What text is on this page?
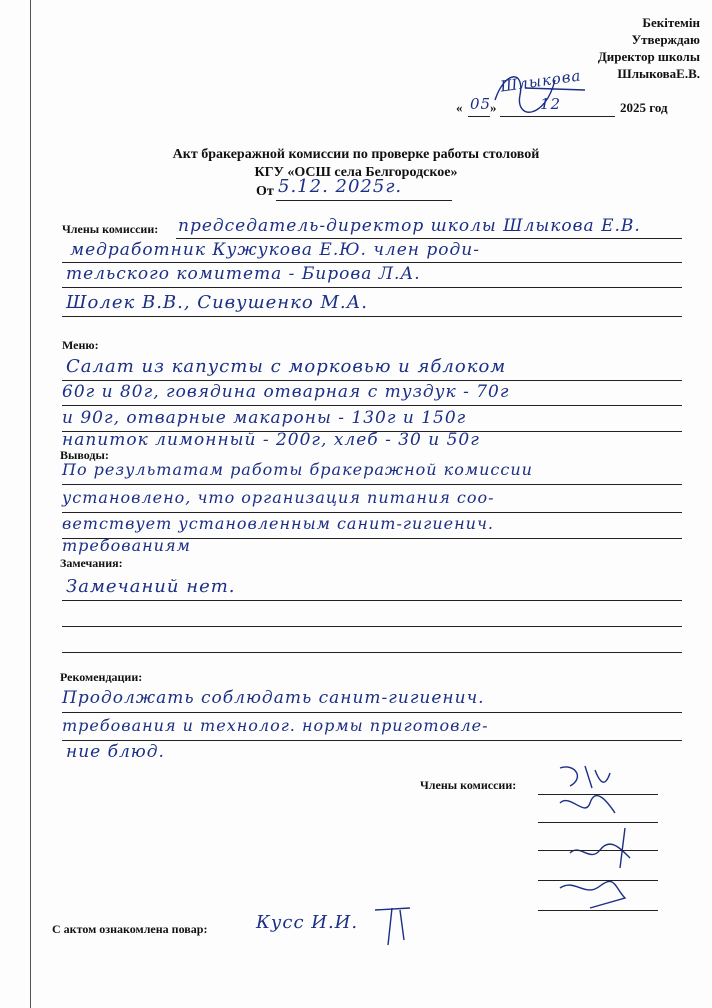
Бекітемін
Утверждаю
Директор школы
ШлыковаЕ.В.
Шлыкова
« 05
»	12	2025 год
Акт бракеражной комиссии по проверке работы столовой
КГУ «ОСШ села Белгородское»
От 5.12. 2025г.
Члены комиссии: председатель-директор школы Шлыкова Е.В.
медработник Кужукова Е.Ю. член роди-
тельского комитета - Бирова Л.А.
Шолек В.В., Сивушенко М.А.
Меню:
Салат из капусты с морковью и яблоком
60г и 80г, говядина отварная с туздук - 70г
и 90г, отварные макароны - 130г и 150г
напиток лимонный - 200г, хлеб - 30 и 50г
Выводы:
По результатам работы бракеражной комиссии
установлено, что организация питания соо-
ветствует установленным санит-гигиенич.
требованиям
Замечания:
Замечаний нет.
Рекомендации:
Продолжать соблюдать санит-гигиенич.
требования и технолог. нормы приготовле-
ние блюд.
Члены комиссии:
С актом ознакомлена повар:	Кусс И.И.
